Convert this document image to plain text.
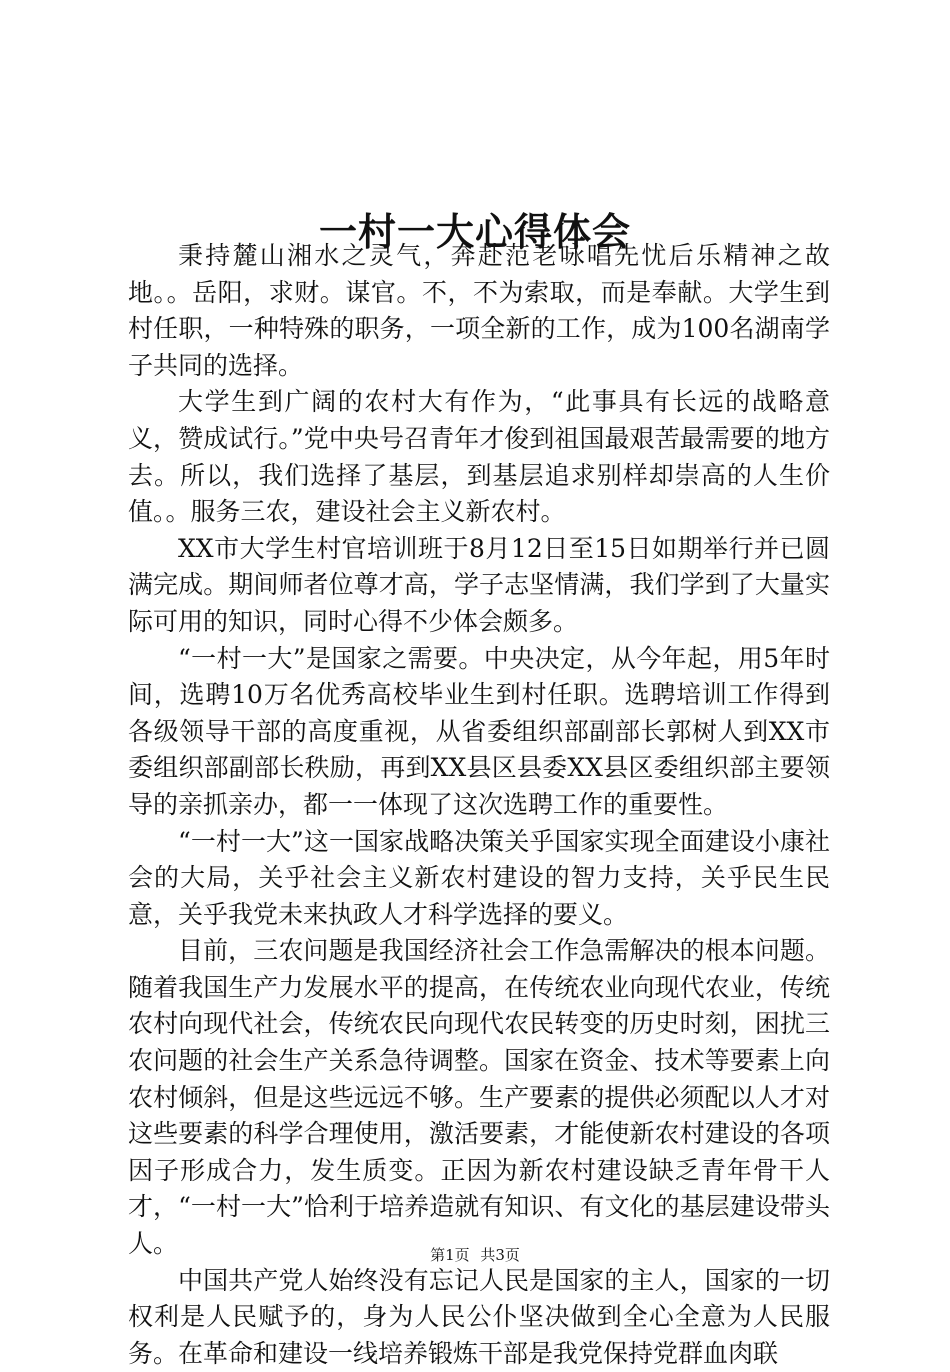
一村一大心得体会

秉持麓山湘水之灵气，奔赴范老咏唱先忧后乐精神之故地。。岳阳，求财。谋官。不，不为索取，而是奉献。大学生到村任职，一种特殊的职务，一项全新的工作，成为100名湖南学子共同的选择。

大学生到广阔的农村大有作为，“此事具有长远的战略意义，赞成试行。”党中央号召青年才俊到祖国最艰苦最需要的地方去。所以，我们选择了基层，到基层追求别样却崇高的人生价值。。服务三农，建设社会主义新农村。

XX市大学生村官培训班于8月12日至15日如期举行并已圆满完成。期间师者位尊才高，学子志坚情满，我们学到了大量实际可用的知识，同时心得不少体会颇多。

“一村一大”是国家之需要。中央决定，从今年起，用5年时间，选聘10万名优秀高校毕业生到村任职。选聘培训工作得到各级领导干部的高度重视，从省委组织部副部长郭树人到XX市委组织部副部长秩励，再到XX县区县委XX县区委组织部主要领导的亲抓亲办，都一一体现了这次选聘工作的重要性。

“一村一大”这一国家战略决策关乎国家实现全面建设小康社会的大局，关乎社会主义新农村建设的智力支持，关乎民生民意，关乎我党未来执政人才科学选择的要义。

目前，三农问题是我国经济社会工作急需解决的根本问题。随着我国生产力发展水平的提高，在传统农业向现代农业，传统农村向现代社会，传统农民向现代农民转变的历史时刻，困扰三农问题的社会生产关系急待调整。国家在资金、技术等要素上向农村倾斜，但是这些远远不够。生产要素的提供必须配以人才对这些要素的科学合理使用，激活要素，才能使新农村建设的各项因子形成合力，发生质变。正因为新农村建设缺乏青年骨干人才，“一村一大”恰利于培养造就有知识、有文化的基层建设带头人。

中国共产党人始终没有忘记人民是国家的主人，国家的一切权利是人民赋予的，身为人民公仆坚决做到全心全意为人民服务。在革命和建设一线培养锻炼干部是我党保持党群血肉联

第1页 共3页
